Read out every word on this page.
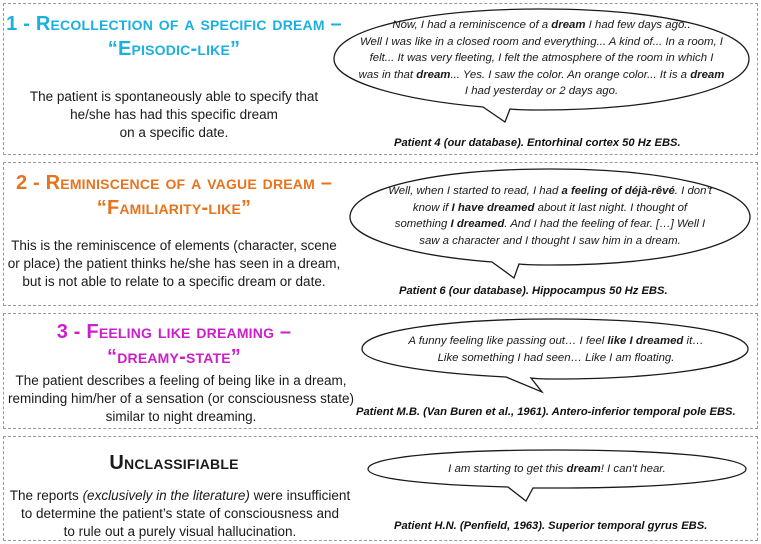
1 - Recollection of a specific dream –
“Episodic-like”
The patient is spontaneously able to specify that
he/she has had this specific dream
on a specific date.
Now, I had a reminiscence of a dream I had few days ago..
Well I was like in a closed room and everything... A kind of... In a room, I
felt... It was very fleeting, I felt the atmosphere of the room in which I
was in that dream... Yes. I saw the color. An orange color... It is a dream
I had yesterday or 2 days ago.
Patient 4 (our database). Entorhinal cortex 50 Hz EBS.
2 - Reminiscence of a vague dream –
“Familiarity-like”
This is the reminiscence of elements (character, scene
or place) the patient thinks he/she has seen in a dream,
but is not able to relate to a specific dream or date.
Well, when I started to read, I had a feeling of déjà-rêvé. I don't
know if I have dreamed about it last night. I thought of
something I dreamed. And I had the feeling of fear. […] Well I
saw a character and I thought I saw him in a dream.
Patient 6 (our database). Hippocampus 50 Hz EBS.
3 - Feeling like dreaming –
“dreamy-state”
The patient describes a feeling of being like in a dream,
reminding him/her of a sensation (or consciousness state)
similar to night dreaming.
A funny feeling like passing out… I feel like I dreamed it…
Like something I had seen… Like I am floating.
Patient M.B. (Van Buren et al., 1961). Antero-inferior temporal pole EBS.
Unclassifiable
The reports (exclusively in the literature) were insufficient
to determine the patient’s state of consciousness and
to rule out a purely visual hallucination.
I am starting to get this dream! I can't hear.
Patient H.N. (Penfield, 1963). Superior temporal gyrus EBS.
